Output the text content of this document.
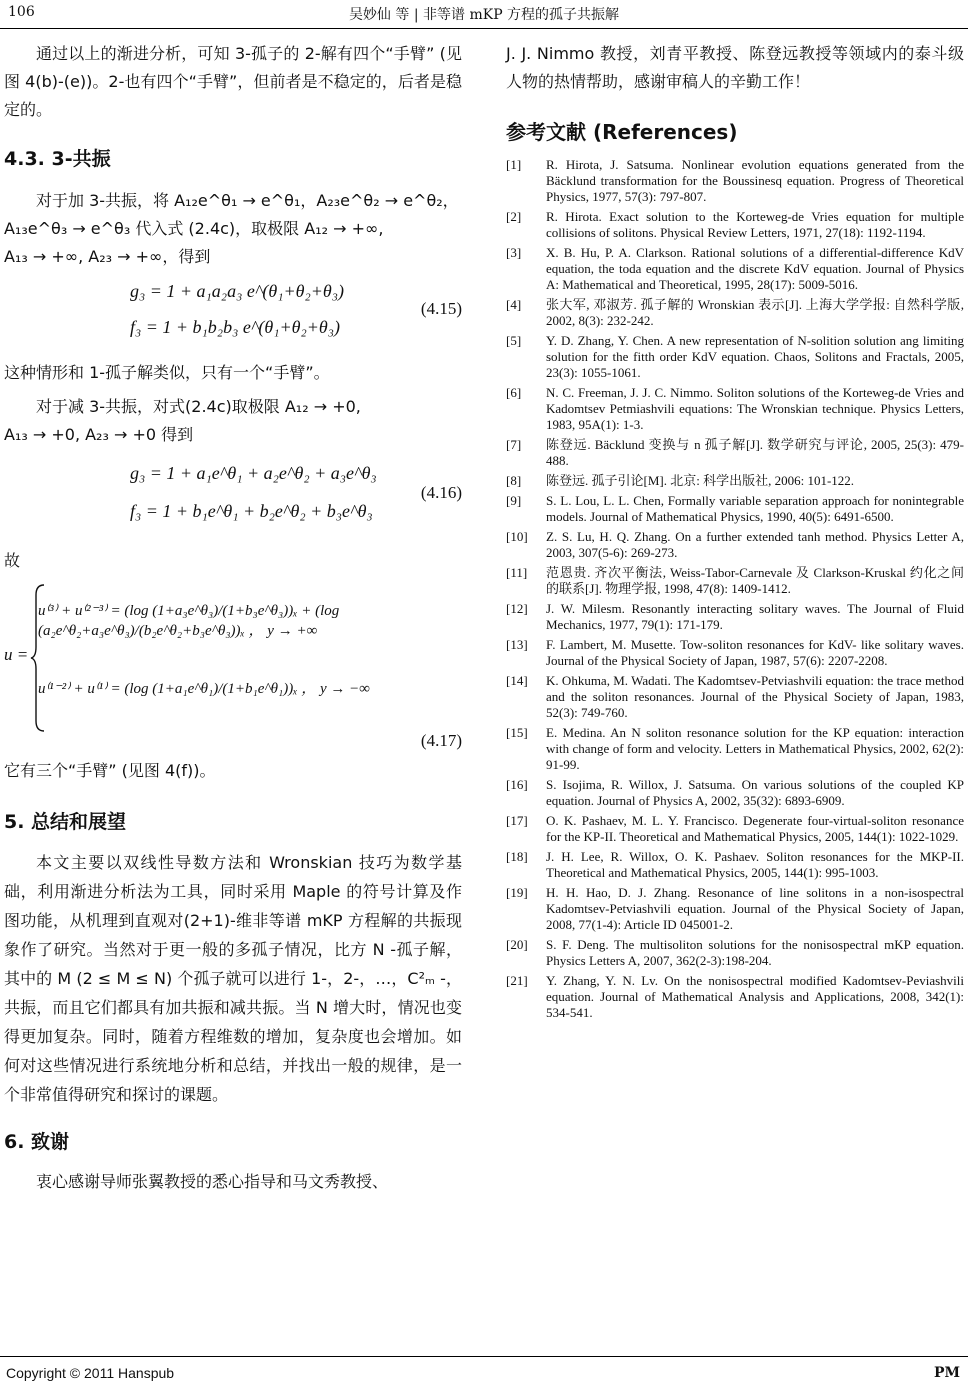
106	吴妙仙 等 | 非等谱 mKP 方程的孤子共振解

通过以上的渐进分析，可知 3-孤子的 2-解有四个“手臂” (见图 4(b)-(e))。2-也有四个“手臂”，但前者是不稳定的，后者是稳定的。

4.3. 3-共振

对于加 3-共振，将 A₁₂e^θ₁ → e^θ₁，A₂₃e^θ₂ → e^θ₂，

A₁₃e^θ₃ → e^θ₃ 代入式 (2.4c)，取极限 A₁₂ → +∞,

A₁₃ → +∞, A₂₃ → +∞，得到

g₃ = 1 + a₁a₂a₃ e^(θ₁+θ₂+θ₃)
f₃ = 1 + b₁b₂b₃ e^(θ₁+θ₂+θ₃)
(4.15)

这种情形和 1-孤子解类似，只有一个“手臂”。

对于减 3-共振，对式(2.4c)取极限 A₁₂ → +0,

A₁₃ → +0, A₂₃ → +0 得到

g₃ = 1 + a₁e^θ₁ + a₂e^θ₂ + a₃e^θ₃
f₃ = 1 + b₁e^θ₁ + b₂e^θ₂ + b₃e^θ₃
(4.16)

故

u =
u⁽³⁾ + u⁽²⁻³⁾ = (log (1+a₃e^θ₃)/(1+b₃e^θ₃))ₓ + (log (a₂e^θ₂+a₃e^θ₃)/(b₂e^θ₂+b₃e^θ₃))ₓ ， y → +∞
u⁽¹⁻²⁾ + u⁽¹⁾ = (log (1+a₁e^θ₁)/(1+b₁e^θ₁))ₓ ， y → −∞
(4.17)

它有三个“手臂” (见图 4(f))。

5. 总结和展望

本文主要以双线性导数方法和 Wronskian 技巧为数学基础，利用渐进分析法为工具，同时采用 Maple 的符号计算及作图功能，从机理到直观对(2+1)-维非等谱 mKP 方程解的共振现象作了研究。当然对于更一般的多孤子情况，比方 N -孤子解，其中的 M (2 ≤ M ≤ N) 个孤子就可以进行 1-，2-，…，C²ₘ -，共振，而且它们都具有加共振和减共振。当 N 增大时，情况也变得更加复杂。同时，随着方程维数的增加，复杂度也会增加。如何对这些情况进行系统地分析和总结，并找出一般的规律，是一个非常值得研究和探讨的课题。

6. 致谢

衷心感谢导师张翼教授的悉心指导和马文秀教授、

J. J. Nimmo 教授，刘青平教授、陈登远教授等领域内的泰斗级人物的热情帮助，感谢审稿人的辛勤工作！

参考文献 (References)
[1] R. Hirota, J. Satsuma. Nonlinear evolution equations generated from the Bäcklund transformation for the Boussinesq equation. Progress of Theoretical Physics, 1977, 57(3): 797-807.
[2] R. Hirota. Exact solution to the Korteweg-de Vries equation for multiple collisions of solitons. Physical Review Letters, 1971, 27(18): 1192-1194.
[3] X. B. Hu, P. A. Clarkson. Rational solutions of a differential-difference KdV equation, the toda equation and the discrete KdV equation. Journal of Physics A: Mathematical and Theoretical, 1995, 28(17): 5009-5016.
[4] 张大军, 邓淑芳. 孤子解的 Wronskian 表示[J]. 上海大学学报: 自然科学版, 2002, 8(3): 232-242.
[5] Y. D. Zhang, Y. Chen. A new representation of N-solition solution ang limiting solution for the fitth order KdV equation. Chaos, Solitons and Fractals, 2005, 23(3): 1055-1061.
[6] N. C. Freeman, J. J. C. Nimmo. Soliton solutions of the Korteweg-de Vries and Kadomtsev Petmiashvili equations: The Wronskian technique. Physics Letters, 1983, 95A(1): 1-3.
[7] 陈登远. Bäcklund 变换与 n 孤子解[J]. 数学研究与评论, 2005, 25(3): 479-488.
[8] 陈登远. 孤子引论[M]. 北京: 科学出版社, 2006: 101-122.
[9] S. L. Lou, L. L. Chen, Formally variable separation approach for nonintegrable models. Journal of Mathematical Physics, 1990, 40(5): 6491-6500.
[10] Z. S. Lu, H. Q. Zhang. On a further extended tanh method. Physics Letter A, 2003, 307(5-6): 269-273.
[11] 范恩贵. 齐次平衡法, Weiss-Tabor-Carnevale 及 Clarkson-Kruskal 约化之间的联系[J]. 物理学报, 1998, 47(8): 1409-1412.
[12] J. W. Milesm. Resonantly interacting solitary waves. The Journal of Fluid Mechanics, 1977, 79(1): 171-179.
[13] F. Lambert, M. Musette. Tow-soliton resonances for KdV- like solitary waves. Journal of the Physical Society of Japan, 1987, 57(6): 2207-2208.
[14] K. Ohkuma, M. Wadati. The Kadomtsev-Petviashvili equation: the trace method and the soliton resonances. Journal of the Physical Society of Japan, 1983, 52(3): 749-760.
[15] E. Medina. An N soliton resonance solution for the KP equation: interaction with change of form and velocity. Letters in Mathematical Physics, 2002, 62(2): 91-99.
[16] S. Isojima, R. Willox, J. Satsuma. On various solutions of the coupled KP equation. Journal of Physics A, 2002, 35(32): 6893-6909.
[17] O. K. Pashaev, M. L. Y. Francisco. Degenerate four-virtual-soliton resonance for the KP-II. Theoretical and Mathematical Physics, 2005, 144(1): 1022-1029.
[18] J. H. Lee, R. Willox, O. K. Pashaev. Soliton resonances for the MKP-II. Theoretical and Mathematical Physics, 2005, 144(1): 995-1003.
[19] H. H. Hao, D. J. Zhang. Resonance of line solitons in a non-isospectral Kadomtsev-Petviashvili equation. Journal of the Physical Society of Japan, 2008, 77(1-4): Article ID 045001-2.
[20] S. F. Deng. The multisoliton solutions for the nonisospectral mKP equation. Physics Letters A, 2007, 362(2-3):198-204.
[21] Y. Zhang, Y. N. Lv. On the nonisospectral modified Kadomtsev-Peviashvili equation. Journal of Mathematical Analysis and Applications, 2008, 342(1): 534-541.
Copyright © 2011 Hanspub	PM
